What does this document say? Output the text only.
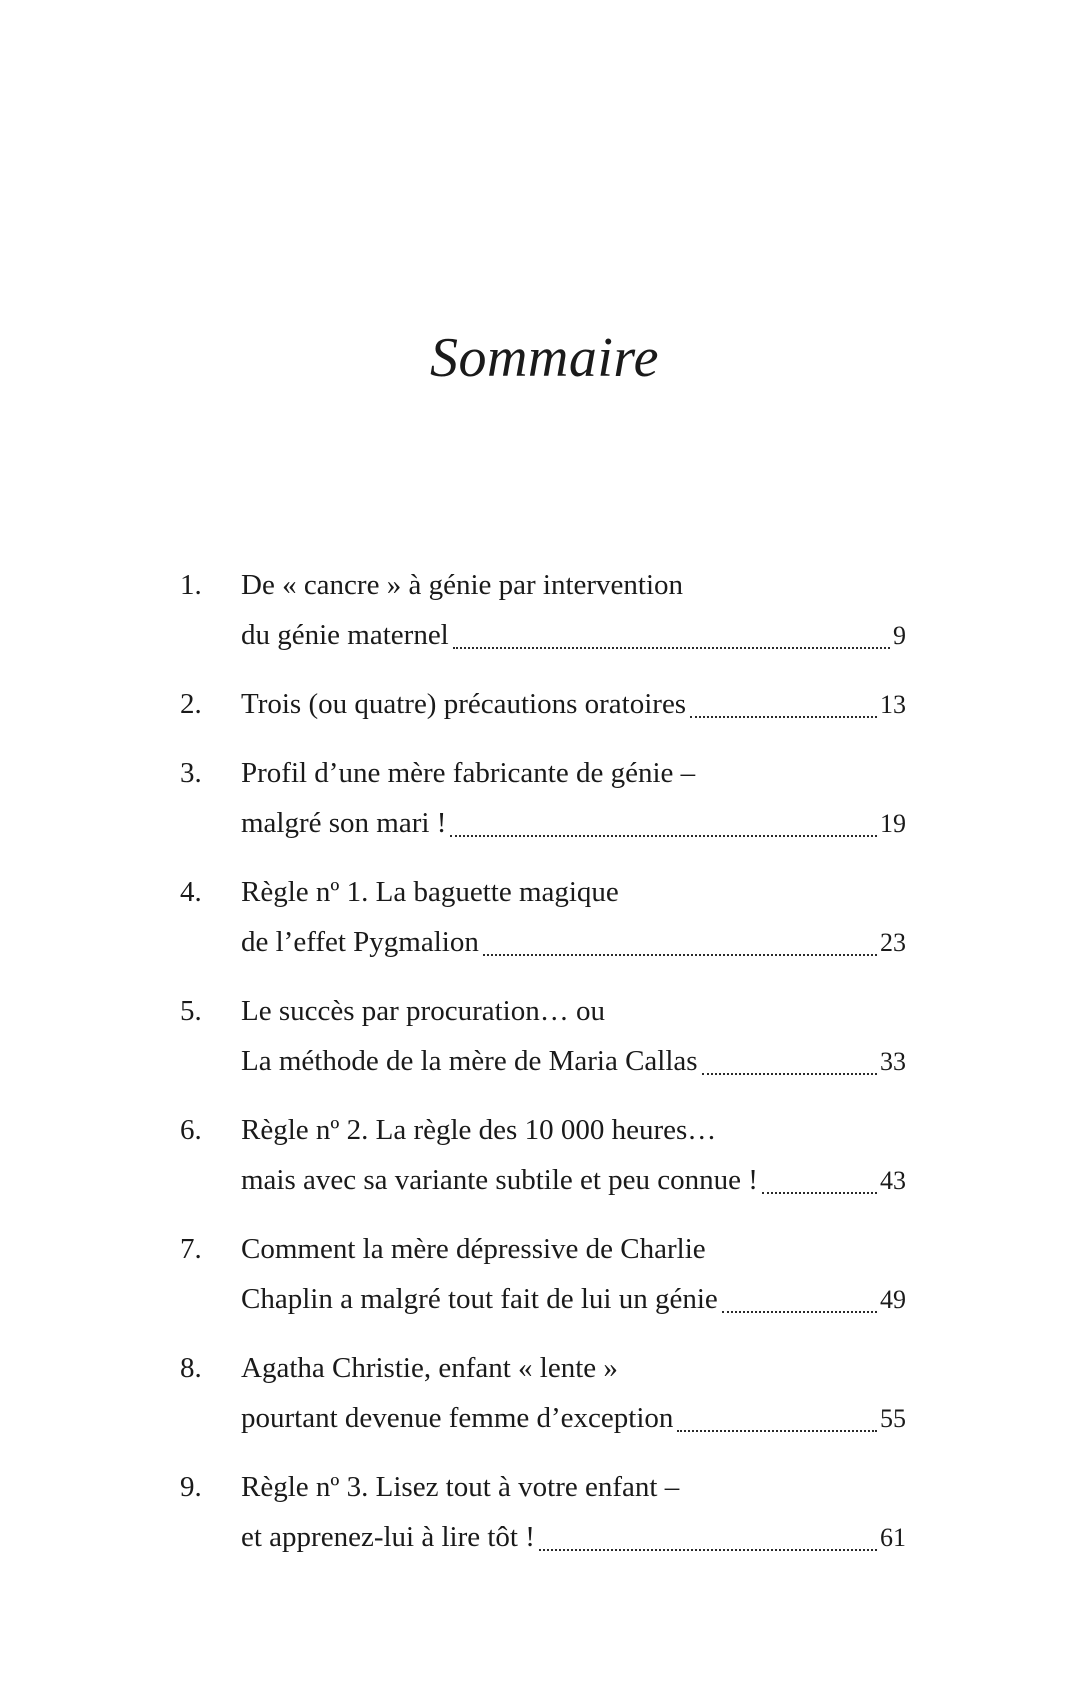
Sommaire
1.	De « cancre » à génie par intervention
du génie maternel	9
2.	Trois (ou quatre) précautions oratoires	13
3.	Profil d’une mère fabricante de génie –
malgré son mari !	19
4.	Règle nº 1. La baguette magique
de l’effet Pygmalion	23
5.	Le succès par procuration… ou
La méthode de la mère de Maria Callas	33
6.	Règle nº 2. La règle des 10 000 heures…
mais avec sa variante subtile et peu connue !	43
7.	Comment la mère dépressive de Charlie
Chaplin a malgré tout fait de lui un génie	49
8.	Agatha Christie, enfant « lente »
pourtant devenue femme d’exception	55
9.	Règle nº 3. Lisez tout à votre enfant –
et apprenez-lui à lire tôt !	61
